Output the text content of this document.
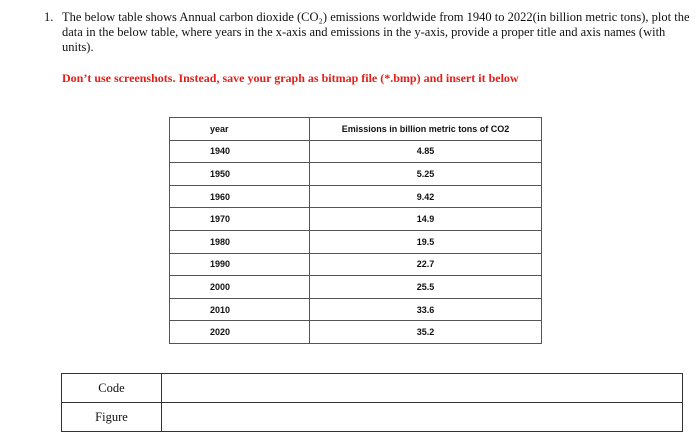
1. The below table shows Annual carbon dioxide (CO₂) emissions worldwide from 1940 to 2022(in billion metric tons), plot the data in the below table, where years in the x-axis and emissions in the y-axis, provide a proper title and axis names (with units).
Don’t use screenshots. Instead, save your graph as bitmap file (*.bmp) and insert it below
year	Emissions in billion metric tons of CO2
1940	4.85
1950	5.25
1960	9.42
1970	14.9
1980	19.5
1990	22.7
2000	25.5
2010	33.6
2020	35.2
Code	
Figure	
